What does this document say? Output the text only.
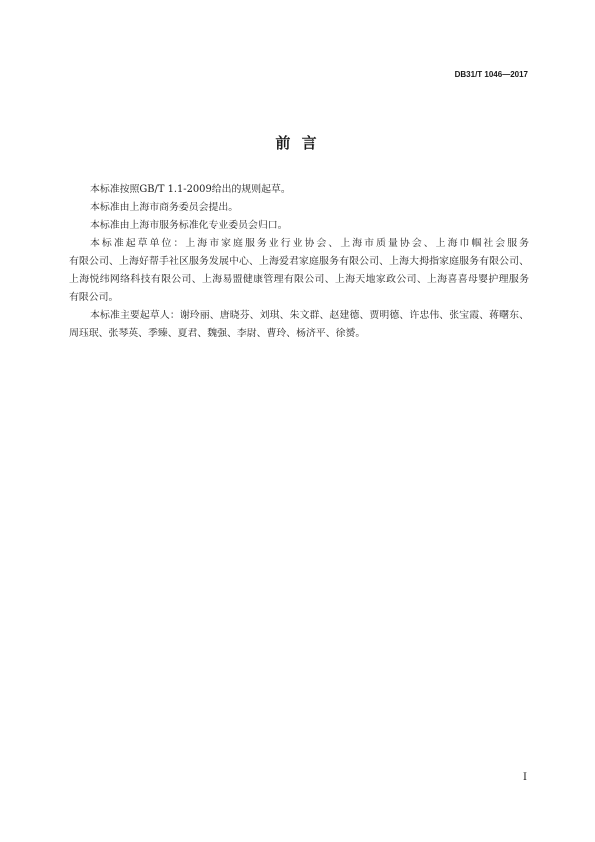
DB31/T 1046—2017
前 言

本标准按照GB/T 1.1-2009给出的规则起草。

本标准由上海市商务委员会提出。

本标准由上海市服务标准化专业委员会归口。

本标准起草单位：上海市家庭服务业行业协会、上海市质量协会、上海巾帼社会服务
有限公司、上海好帮手社区服务发展中心、上海爱君家庭服务有限公司、上海大拇指家庭服务有限公司、
上海悦纬网络科技有限公司、上海易盟健康管理有限公司、上海天地家政公司、上海喜喜母婴护理服务
有限公司。

本标准主要起草人：谢玲丽、唐晓芬、刘琪、朱文群、赵建德、贾明德、许忠伟、张宝霞、蒋曙东、
周珏珉、张琴英、季臻、夏君、魏强、李尉、曹玲、杨济平、徐赟。

I
